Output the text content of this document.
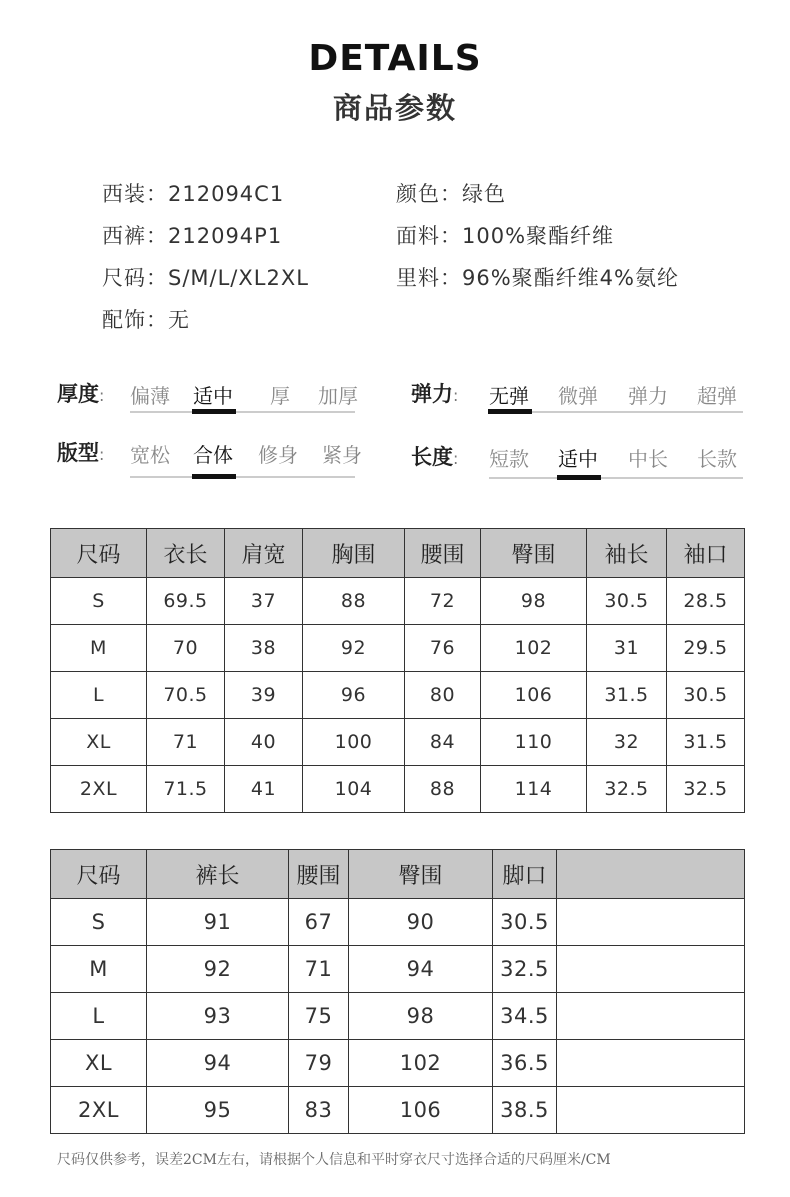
DETAILS
商品参数
西装：212094C1
西裤：212094P1
尺码：S/M/L/XL2XL
配饰：无
颜色：绿色
面料：100%聚酯纤维
里料：96%聚酯纤维4%氨纶
厚度: 偏薄 适中 厚 加厚
版型: 宽松 合体 修身 紧身
弹力: 无弹 微弹 弹力 超弹
长度: 短款 适中 中长 长款
尺码	衣长	肩宽	胸围	腰围	臀围	袖长	袖口
S	69.5	37	88	72	98	30.5	28.5
M	70	38	92	76	102	31	29.5
L	70.5	39	96	80	106	31.5	30.5
XL	71	40	100	84	110	32	31.5
2XL	71.5	41	104	88	114	32.5	32.5
尺码	裤长	腰围	臀围	脚口	
S	91	67	90	30.5	
M	92	71	94	32.5	
L	93	75	98	34.5	
XL	94	79	102	36.5	
2XL	95	83	106	38.5	
尺码仅供参考，误差2CM左右，请根据个人信息和平时穿衣尺寸选择合适的尺码厘米/CM
